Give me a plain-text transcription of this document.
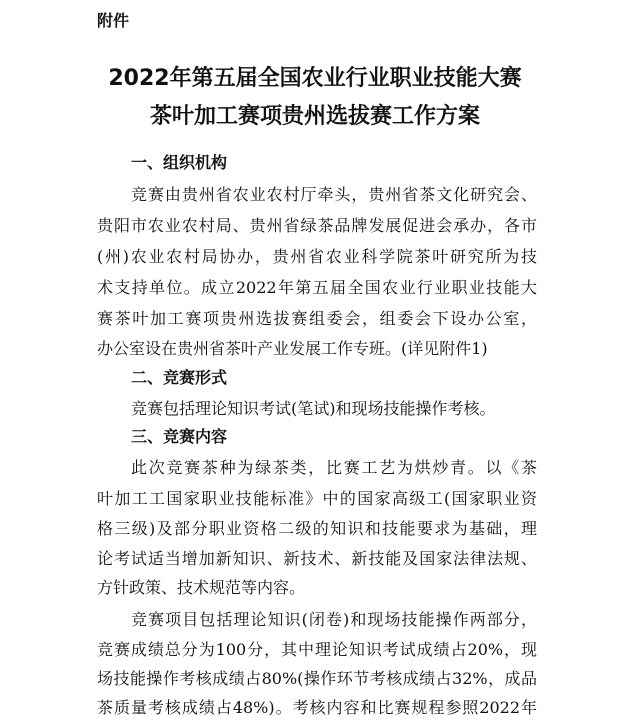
附件
2022年第五届全国农业行业职业技能大赛
茶叶加工赛项贵州选拔赛工作方案
一、组织机构
竞赛由贵州省农业农村厅牵头，贵州省茶文化研究会、
贵阳市农业农村局、贵州省绿茶品牌发展促进会承办，各市
(州)农业农村局协办，贵州省农业科学院茶叶研究所为技
术支持单位。成立2022年第五届全国农业行业职业技能大
赛茶叶加工赛项贵州选拔赛组委会，组委会下设办公室，
办公室设在贵州省茶叶产业发展工作专班。(详见附件1)
二、竞赛形式
竞赛包括理论知识考试(笔试)和现场技能操作考核。
三、竞赛内容
此次竞赛茶种为绿茶类，比赛工艺为烘炒青。以《茶
叶加工工国家职业技能标准》中的国家高级工(国家职业资
格三级)及部分职业资格二级的知识和技能要求为基础，理
论考试适当增加新知识、新技术、新技能及国家法律法规、
方针政策、技术规范等内容。
竞赛项目包括理论知识(闭卷)和现场技能操作两部分，
竞赛成绩总分为100分，其中理论知识考试成绩占20%，现
场技能操作考核成绩占80%(操作环节考核成绩占32%，成品
茶质量考核成绩占48%)。考核内容和比赛规程参照2022年
